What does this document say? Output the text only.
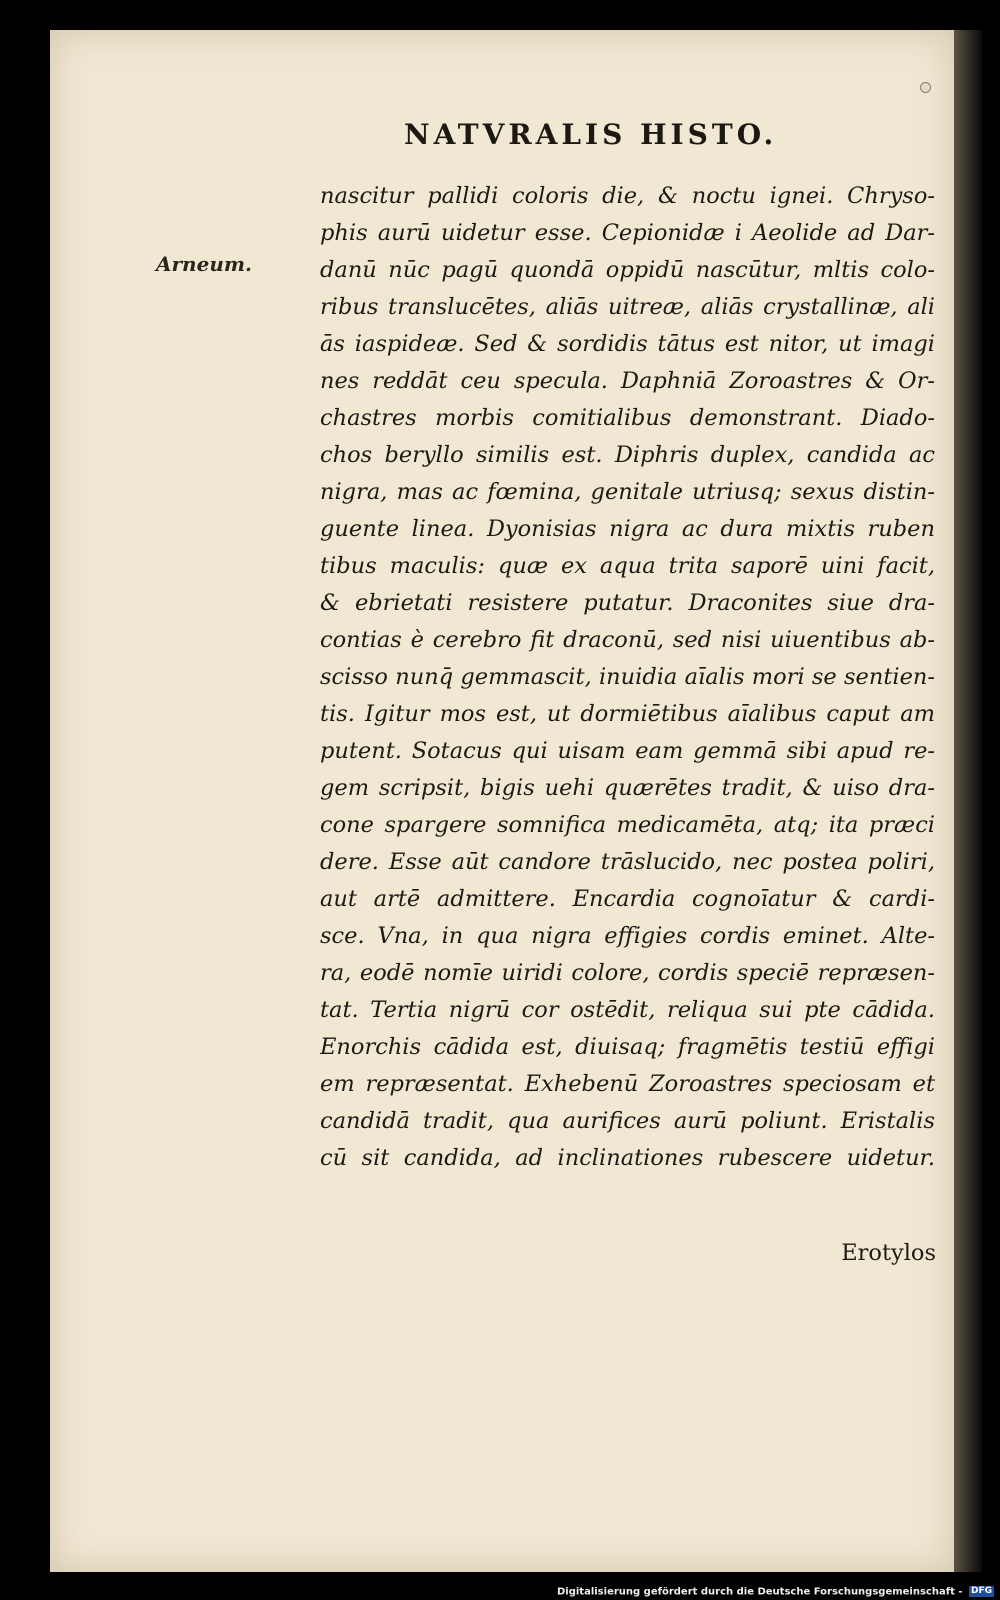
NATVRALIS HISTO.
Arneum.
nascitur pallidi coloris die, & noctu ignei. Chryso-
phis aurū uidetur esse. Cepionidæ i Aeolide ad Dar-
danū nūc pagū quondā oppidū nascūtur, mltis colo-
ribus translucētes, aliās uitreæ, aliās crystallinæ, ali
ās iaspideæ. Sed & sordidis tātus est nitor, ut imagi
nes reddāt ceu specula. Daphniā Zoroastres & Or-
chastres morbis comitialibus demonstrant. Diado-
chos beryllo similis est. Diphris duplex, candida ac
nigra, mas ac fœmina, genitale utriusq; sexus distin-
guente linea. Dyonisias nigra ac dura mixtis ruben
tibus maculis: quæ ex aqua trita saporē uini facit,
& ebrietati resistere putatur. Draconites siue dra-
contias è cerebro fit draconū, sed nisi uiuentibus ab-
scisso nunq̄ gemmascit, inuidia aīalis mori se sentien-
tis. Igitur mos est, ut dormiētibus aīalibus caput am
putent. Sotacus qui uisam eam gemmā sibi apud re-
gem scripsit, bigis uehi quærētes tradit, & uiso dra-
cone spargere somnifica medicamēta, atq; ita præci
dere. Esse aūt candore trāslucido, nec postea poliri,
aut artē admittere. Encardia cognoīatur & cardi-
sce. Vna, in qua nigra effigies cordis eminet. Alte-
ra, eodē nomīe uiridi colore, cordis speciē repræsen-
tat. Tertia nigrū cor ostēdit, reliqua sui pte cādida.
Enorchis cādida est, diuisaq; fragmētis testiū effigi
em repræsentat. Exhebenū Zoroastres speciosam et
candidā tradit, qua aurifices aurū poliunt. Eristalis
cū sit candida, ad inclinationes rubescere uidetur.
Erotylos
Digitalisierung gefördert durch die Deutsche Forschungsgemeinschaft - DFG
